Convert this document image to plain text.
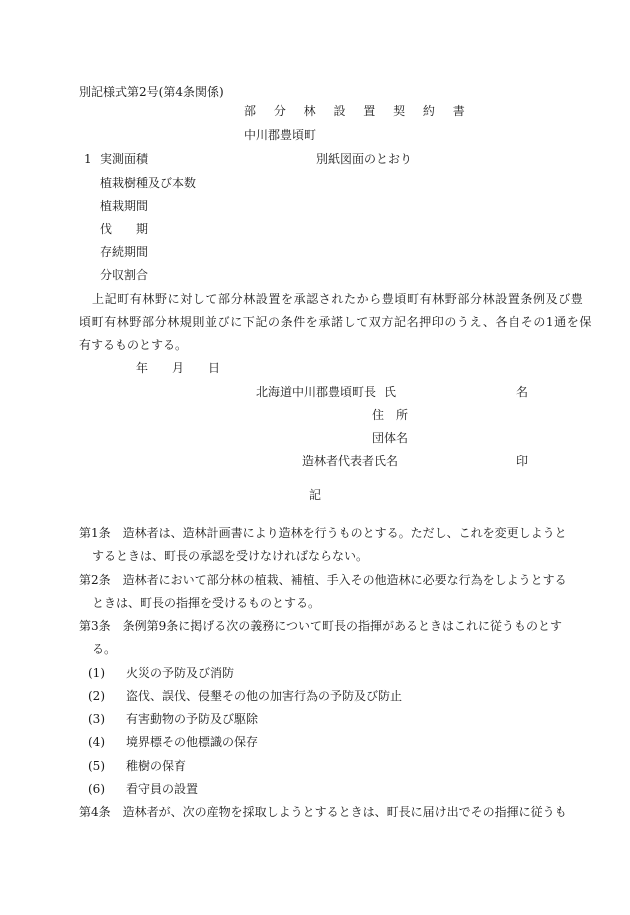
別記様式第2号(第4条関係)
部 分 林 設 置 契 約 書
中川郡豊頃町
1 実測面積	別紙図面のとおり
植栽樹種及び本数
植栽期間
伐 期
存続期間
分収割合
上記町有林野に対して部分林設置を承認されたから豊頃町有林野部分林設置条例及び豊
頃町有林野部分林規則並びに下記の条件を承諾して双方記名押印のうえ、各自その1通を保
有するものとする。
年 月 日
北海道中川郡豊頃町長 氏	名
住　所
団体名
造林者代表者氏名	印
記
第1条　造林者は、造林計画書により造林を行うものとする。ただし、これを変更しようと
するときは、町長の承認を受けなければならない。
第2条　造林者において部分林の植栽、補植、手入その他造林に必要な行為をしようとする
ときは、町長の指揮を受けるものとする。
第3条　条例第9条に掲げる次の義務について町長の指揮があるときはこれに従うものとす
る。
(1) 火災の予防及び消防
(2) 盗伐、誤伐、侵墾その他の加害行為の予防及び防止
(3) 有害動物の予防及び駆除
(4) 境界標その他標識の保存
(5) 稚樹の保育
(6) 看守員の設置
第4条　造林者が、次の産物を採取しようとするときは、町長に届け出でその指揮に従うも
